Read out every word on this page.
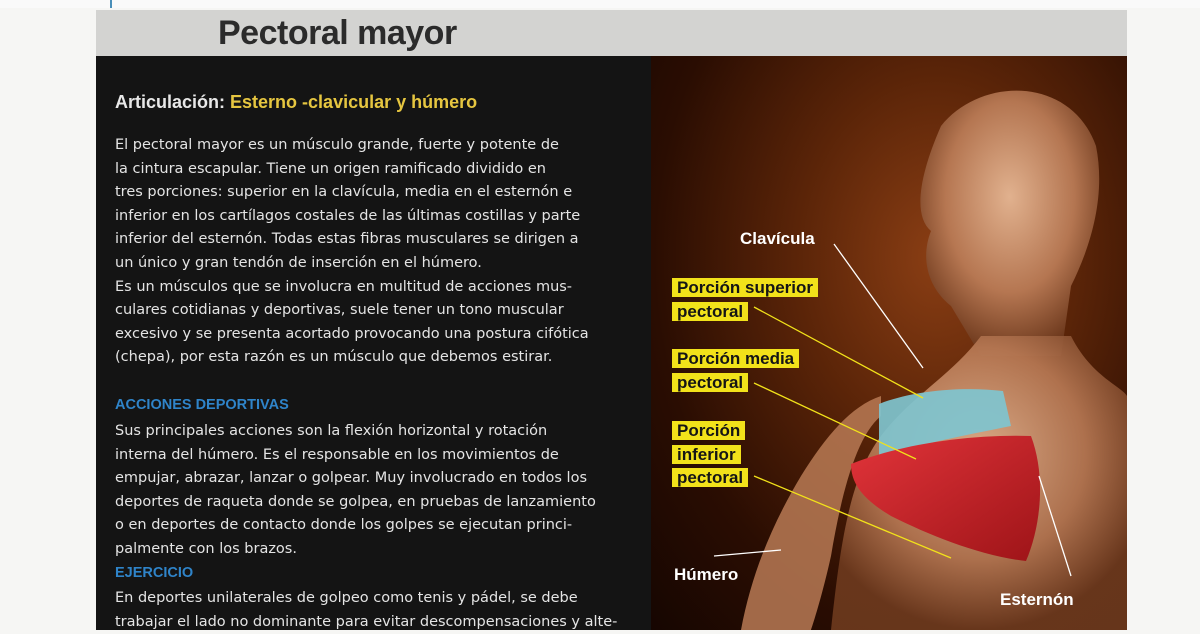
Pectoral mayor
Articulación: Esterno -clavicular y húmero
El pectoral mayor es un músculo grande, fuerte y potente de
la cintura escapular. Tiene un origen ramificado dividido en
tres porciones: superior en la clavícula, media en el esternón e
inferior en los cartílagos costales de las últimas costillas y parte
inferior del esternón. Todas estas fibras musculares se dirigen a
un único y gran tendón de inserción en el húmero.
Es un músculos que se involucra en multitud de acciones mus-
culares cotidianas y deportivas, suele tener un tono muscular
excesivo y se presenta acortado provocando una postura cifótica
(chepa), por esta razón es un músculo que debemos estirar.
ACCIONES DEPORTIVAS
Sus principales acciones son la flexión horizontal y rotación
interna del húmero. Es el responsable en los movimientos de
empujar, abrazar, lanzar o golpear. Muy involucrado en todos los
deportes de raqueta donde se golpea, en pruebas de lanzamiento
o en deportes de contacto donde los golpes se ejecutan princi-
palmente con los brazos.
EJERCICIO
En deportes unilaterales de golpeo como tenis y pádel, se debe
trabajar el lado no dominante para evitar descompensaciones y alte-
Clavícula
Porción superior
pectoral
Porción media
pectoral
Porción
inferior
pectoral
Húmero
Esternón
